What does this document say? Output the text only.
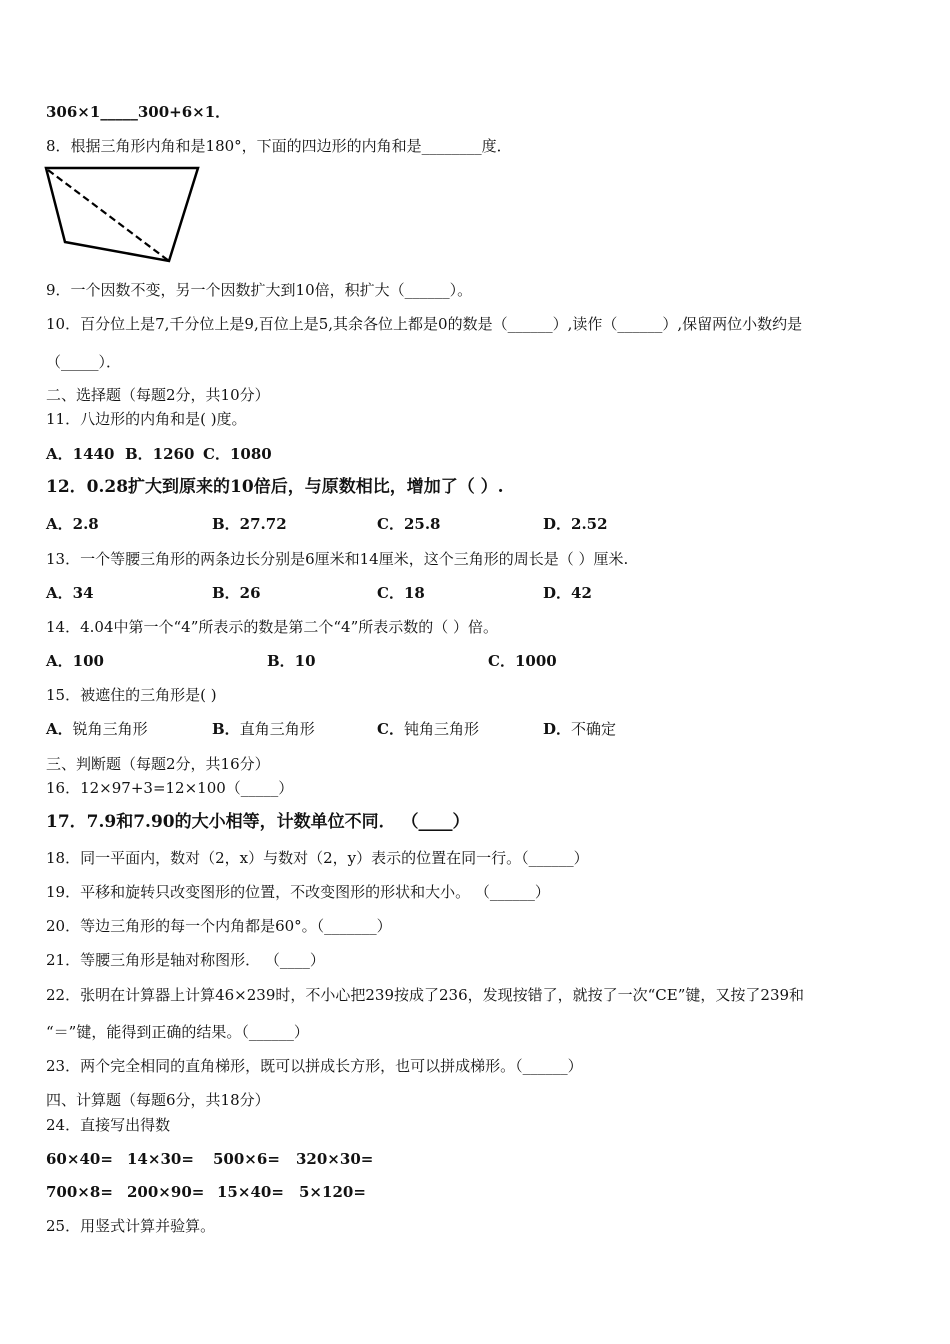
306×1_____300+6×1．
8．根据三角形内角和是180°，下面的四边形的内角和是________度．
9．一个因数不变，另一个因数扩大到10倍，积扩大（______）。
10．百分位上是7,千分位上是9,百位上是5,其余各位上都是0的数是（______）,读作（______）,保留两位小数约是
（_____）．
二、选择题（每题2分，共10分）
11．八边形的内角和是( )度。
A．1440 B．1260 C．1080
12．0.28扩大到原来的10倍后，与原数相比，增加了（ ）.
A．2.8	B．27.72	C．25.8	D．2.52
13．一个等腰三角形的两条边长分别是6厘米和14厘米，这个三角形的周长是（ ）厘米.
A．34	B．26	C．18	D．42
14．4.04中第一个“4”所表示的数是第二个“4”所表示数的（ ）倍。
A．100	B．10	C．1000
15．被遮住的三角形是( )
A．锐角三角形	B．直角三角形	C．钝角三角形	D．不确定
三、判断题（每题2分，共16分）
16．12×97+3=12×100（_____）
17．7.9和7.90的大小相等，计数单位不同． （____）
18．同一平面内，数对（2，x）与数对（2，y）表示的位置在同一行。（______）
19．平移和旋转只改变图形的位置，不改变图形的形状和大小。 （______）
20．等边三角形的每一个内角都是60°。（_______）
21．等腰三角形是轴对称图形． （____）
22．张明在计算器上计算46×239时，不小心把239按成了236，发现按错了，就按了一次“CE”键，又按了239和
“＝”键，能得到正确的结果。（______）
23．两个完全相同的直角梯形，既可以拼成长方形，也可以拼成梯形。（______）
四、计算题（每题6分，共18分）
24．直接写出得数
60×40= 14×30= 500×6= 320×30=
700×8= 200×90= 15×40= 5×120=
25．用竖式计算并验算。
